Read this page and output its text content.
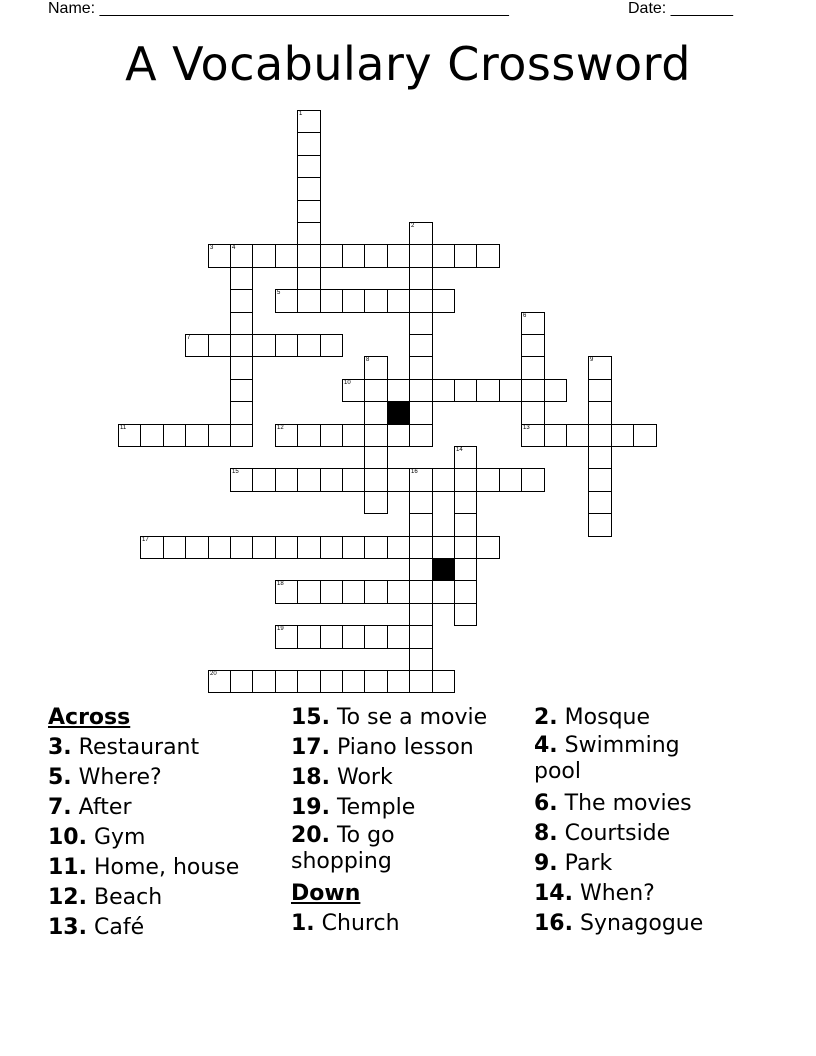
Name: ______________________________________________	Date: _______
A Vocabulary Crossword
1
2
3	4
5
6
13
7
8	9
10
11	12
14
15	16
17
18
19
20
Across
3. Restaurant
5. Where?
7. After
10. Gym
11. Home, house
12. Beach
13. Café
15. To se a movie
17. Piano lesson
18. Work
19. Temple
20. To go shopping
Down
1. Church
2. Mosque
4. Swimming pool
6. The movies
8. Courtside
9. Park
14. When?
16. Synagogue
